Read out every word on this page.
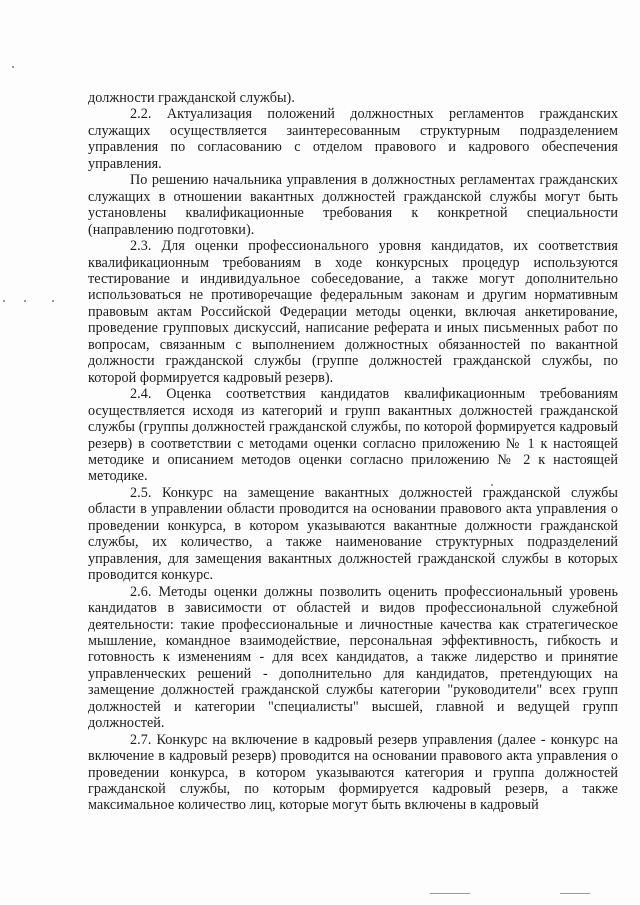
должности гражданской службы).

2.2. Актуализация положений должностных регламентов гражданских служащих осуществляется заинтересованным структурным подразделением управления по согласованию с отделом правового и кадрового обеспечения управления.

По решению начальника управления в должностных регламентах гражданских служащих в отношении вакантных должностей гражданской службы могут быть установлены квалификационные требования к конкретной специальности (направлению подготовки).

2.3. Для оценки профессионального уровня кандидатов, их соответствия квалификационным требованиям в ходе конкурсных процедур используются тестирование и индивидуальное собеседование, а также могут дополнительно использоваться не противоречащие федеральным законам и другим нормативным правовым актам Российской Федерации методы оценки, включая анкетирование, проведение групповых дискуссий, написание реферата и иных письменных работ по вопросам, связанным с выполнением должностных обязанностей по вакантной должности гражданской службы (группе должностей гражданской службы, по которой формируется кадровый резерв).

2.4. Оценка соответствия кандидатов квалификационным требованиям осуществляется исходя из категорий и групп вакантных должностей гражданской службы (группы должностей гражданской службы, по которой формируется кадровый резерв) в соответствии с методами оценки согласно приложению № 1 к настоящей методике и описанием методов оценки согласно приложению № 2 к настоящей методике.

2.5. Конкурс на замещение вакантных должностей гражданской службы области в управлении области проводится на основании правового акта управления о проведении конкурса, в котором указываются вакантные должности гражданской службы, их количество, а также наименование структурных подразделений управления, для замещения вакантных должностей гражданской службы в которых проводится конкурс.

2.6. Методы оценки должны позволить оценить профессиональный уровень кандидатов в зависимости от областей и видов профессиональной служебной деятельности: такие профессиональные и личностные качества как стратегическое мышление, командное взаимодействие, персональная эффективность, гибкость и готовность к изменениям - для всех кандидатов, а также лидерство и принятие управленческих решений - дополнительно для кандидатов, претендующих на замещение должностей гражданской службы категории "руководители" всех групп должностей и категории "специалисты" высшей, главной и ведущей групп должностей.

2.7. Конкурс на включение в кадровый резерв управления (далее - конкурс на включение в кадровый резерв) проводится на основании правового акта управления о проведении конкурса, в котором указываются категория и группа должностей гражданской службы, по которым формируется кадровый резерв, а также максимальное количество лиц, которые могут быть включены в кадровый
